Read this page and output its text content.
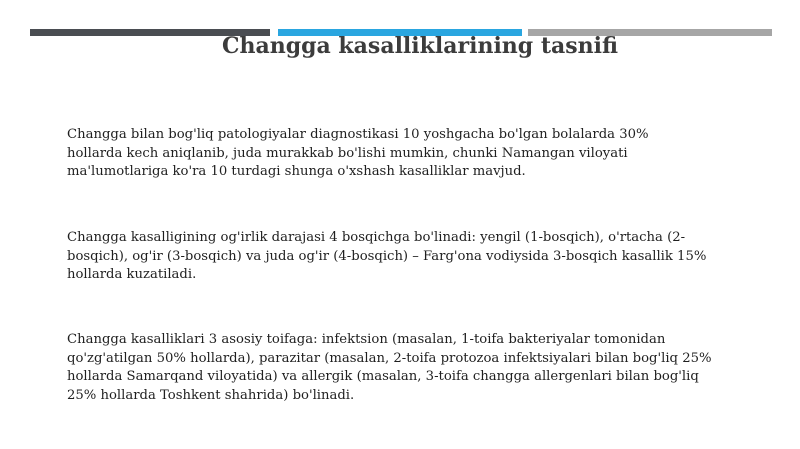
Changga kasalliklarining tasnifi

Changga bilan bog'liq patologiyalar diagnostikasi 10 yoshgacha bo'lgan bolalarda 30%
hollarda kech aniqlanib, juda murakkab bo'lishi mumkin, chunki Namangan viloyati
ma'lumotlariga ko'ra 10 turdagi shunga o'xshash kasalliklar mavjud.

Changga kasalligining og'irlik darajasi 4 bosqichga bo'linadi: yengil (1-bosqich), o'rtacha (2-
bosqich), og'ir (3-bosqich) va juda og'ir (4-bosqich) – Farg'ona vodiysida 3-bosqich kasallik 15%
hollarda kuzatiladi.

Changga kasalliklari 3 asosiy toifaga: infektsion (masalan, 1-toifa bakteriyalar tomonidan
qo'zg'atilgan 50% hollarda), parazitar (masalan, 2-toifa protozoa infektsiyalari bilan bog'liq 25%
hollarda Samarqand viloyatida) va allergik (masalan, 3-toifa changga allergenlari bilan bog'liq
25% hollarda Toshkent shahrida) bo'linadi.
